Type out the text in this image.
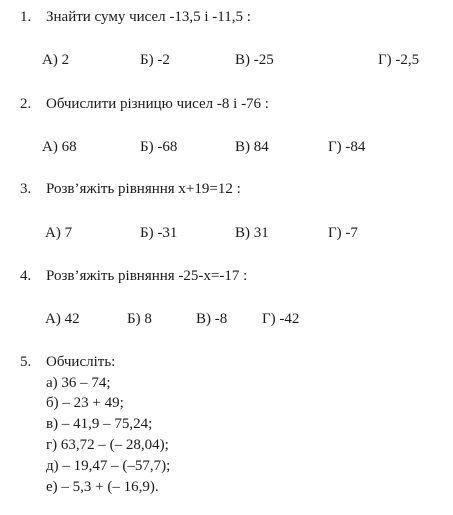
1. Знайти суму чисел -13,5 і -11,5 :
А) 2	Б) -2	В) -25	Г) -2,5
2. Обчислити різницю чисел -8 і -76 :
А) 68	Б) -68	В) 84	Г) -84
3. Розв’яжіть рівняння х+19=12 :
А) 7	Б) -31	В) 31	Г) -7
4. Розв’яжіть рівняння -25-х=-17 :
А) 42	Б) 8	В) -8 Г) -42
5. Обчисліть:
а) 36 – 74;
б) – 23 + 49;
в) – 41,9 – 75,24;
г) 63,72 – (– 28,04);
д) – 19,47 – (–57,7);
е) – 5,3 + (– 16,9).
